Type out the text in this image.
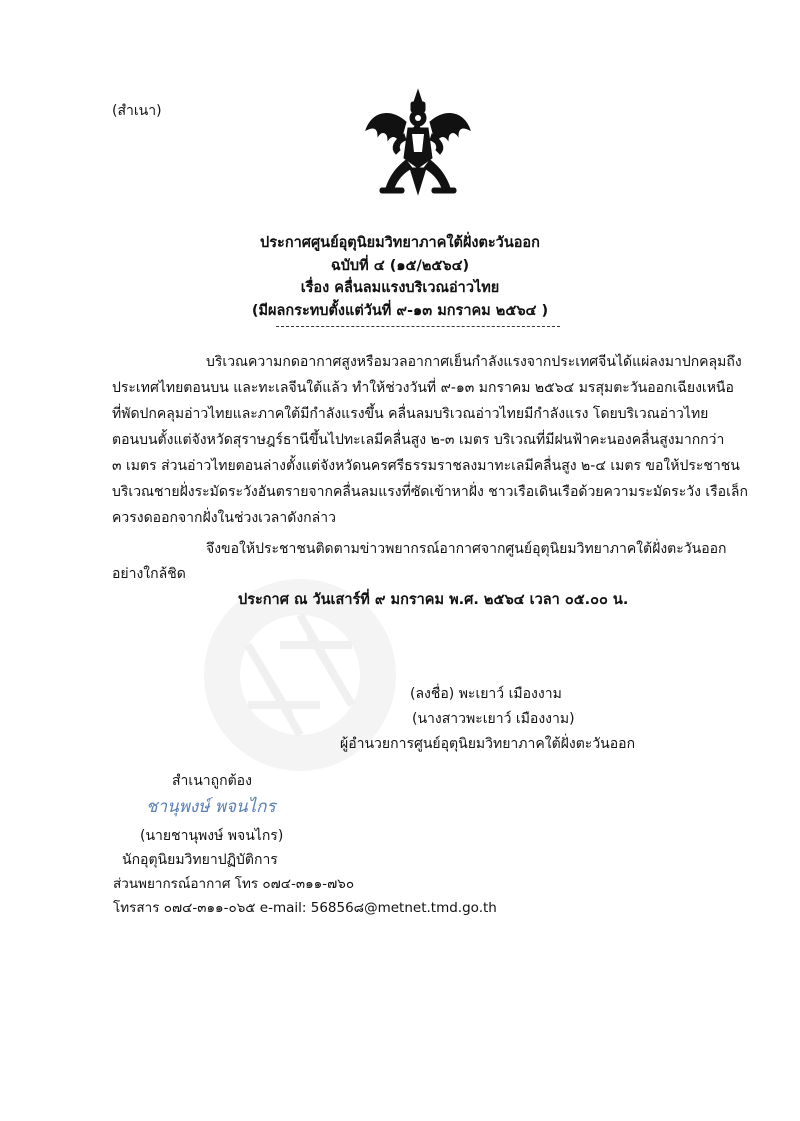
(สำเนา)
ประกาศศูนย์อุตุนิยมวิทยาภาคใต้ฝั่งตะวันออก
ฉบับที่ ๔ (๑๕/๒๕๖๔)
เรื่อง คลื่นลมแรงบริเวณอ่าวไทย
(มีผลกระทบตั้งแต่วันที่ ๙-๑๓ มกราคม ๒๕๖๔ )
บริเวณความกดอากาศสูงหรือมวลอากาศเย็นกำลังแรงจากประเทศจีนได้แผ่ลงมาปกคลุมถึง
ประเทศไทยตอนบน และทะเลจีนใต้แล้ว ทำให้ช่วงวันที่ ๙-๑๓ มกราคม ๒๕๖๔ มรสุมตะวันออกเฉียงเหนือ
ที่พัดปกคลุมอ่าวไทยและภาคใต้มีกำลังแรงขึ้น คลื่นลมบริเวณอ่าวไทยมีกำลังแรง โดยบริเวณอ่าวไทย
ตอนบนตั้งแต่จังหวัดสุราษฎร์ธานีขึ้นไปทะเลมีคลื่นสูง ๒-๓ เมตร บริเวณที่มีฝนฟ้าคะนองคลื่นสูงมากกว่า
๓ เมตร ส่วนอ่าวไทยตอนล่างตั้งแต่จังหวัดนครศรีธรรมราชลงมาทะเลมีคลื่นสูง ๒-๔ เมตร ขอให้ประชาชน
บริเวณชายฝั่งระมัดระวังอันตรายจากคลื่นลมแรงที่ซัดเข้าหาฝั่ง ชาวเรือเดินเรือด้วยความระมัดระวัง เรือเล็ก
ควรงดออกจากฝั่งในช่วงเวลาดังกล่าว
จึงขอให้ประชาชนติดตามข่าวพยากรณ์อากาศจากศูนย์อุตุนิยมวิทยาภาคใต้ฝั่งตะวันออก
อย่างใกล้ชิด
ประกาศ ณ วันเสาร์ที่ ๙ มกราคม พ.ศ. ๒๕๖๔ เวลา ๐๕.๐๐ น.
(ลงชื่อ) พะเยาว์ เมืองงาม
(นางสาวพะเยาว์ เมืองงาม)
ผู้อำนวยการศูนย์อุตุนิยมวิทยาภาคใต้ฝั่งตะวันออก
สำเนาถูกต้อง
ชานุพงษ์ พจนไกร
(นายชานุพงษ์ พจนไกร)
นักอุตุนิยมวิทยาปฏิบัติการ
ส่วนพยากรณ์อากาศ โทร ๐๗๔-๓๑๑-๗๖๐
โทรสาร ๐๗๔-๓๑๑-๐๖๕ e-mail: 56856๘@metnet.tmd.go.th
